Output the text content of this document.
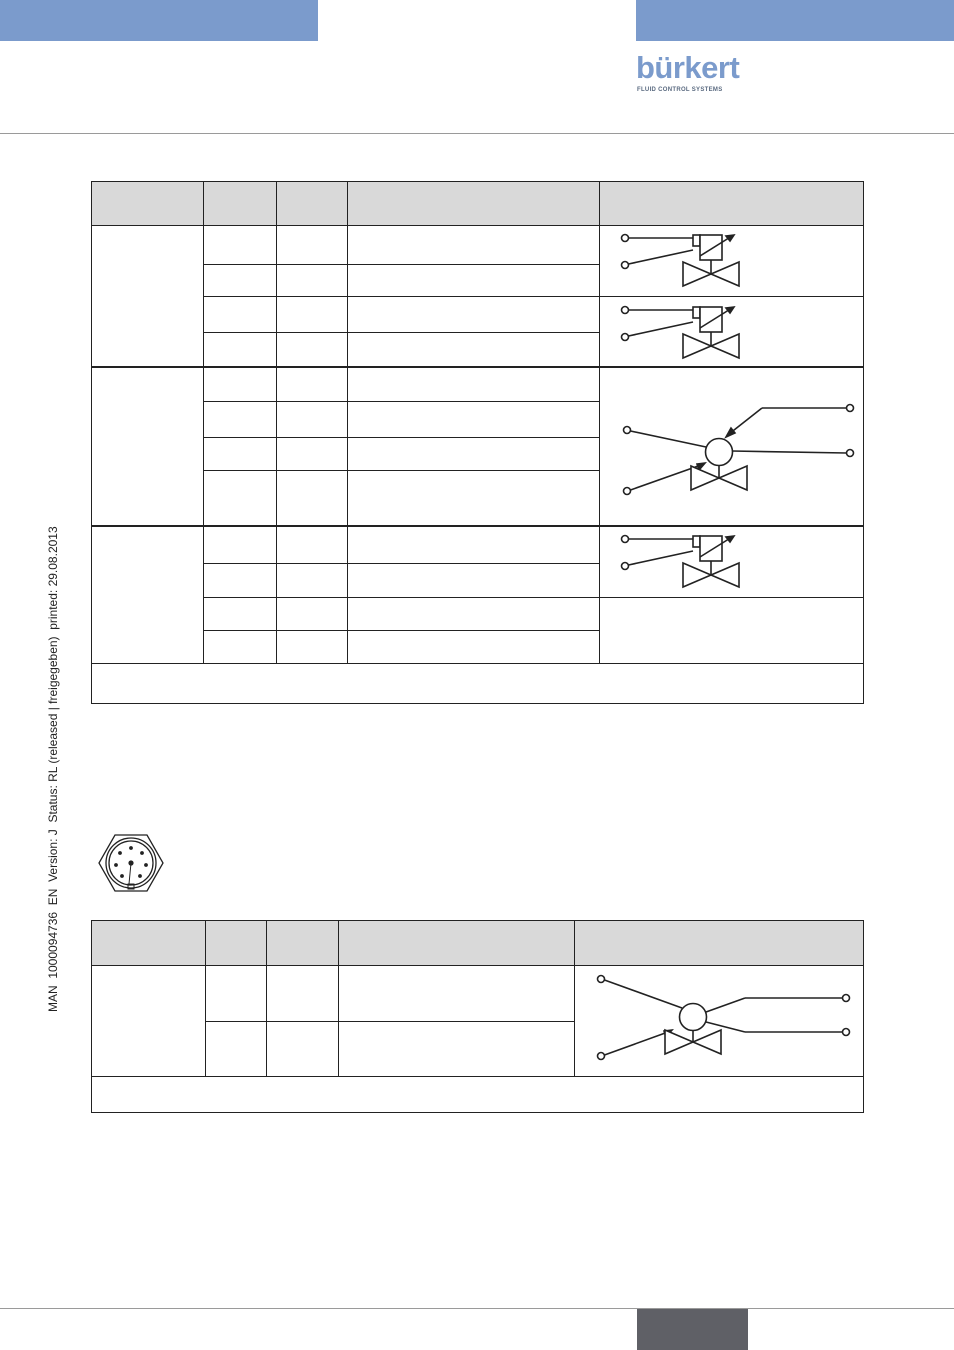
bürkert
FLUID CONTROL SYSTEMS
MAN  1000094736  EN  Version: J  Status: RL (released | freigegeben)  printed: 29.08.2013
